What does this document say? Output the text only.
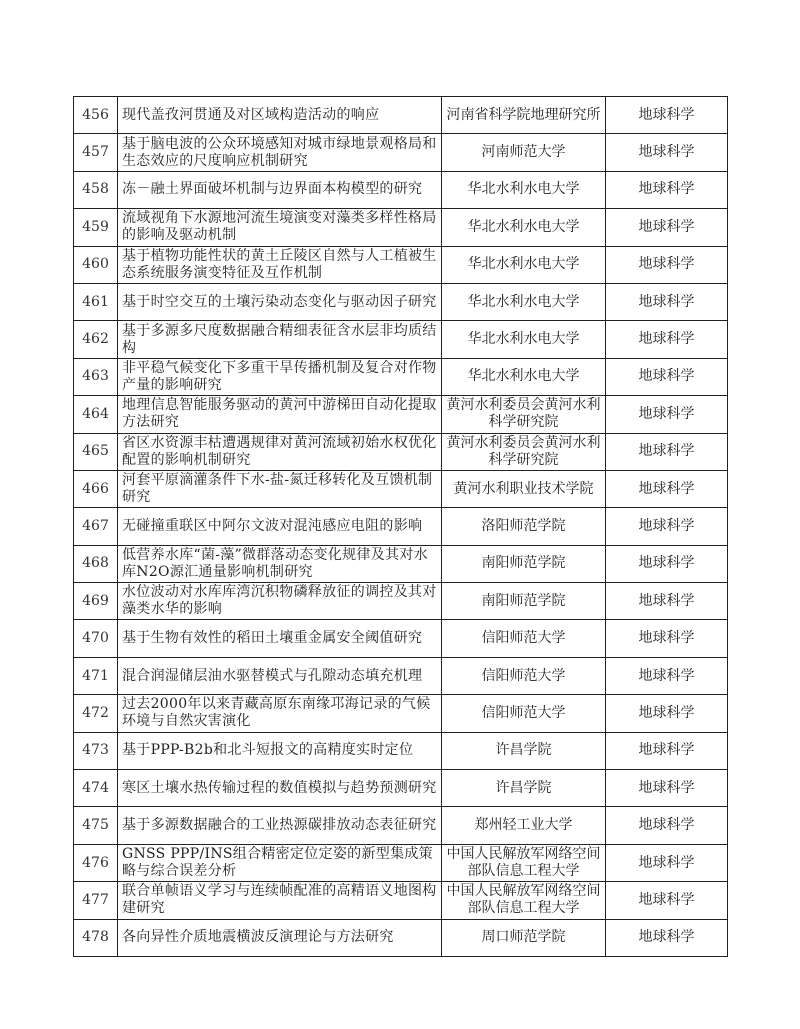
456	现代盖孜河贯通及对区域构造活动的响应	河南省科学院地理研究所	地球科学
457	基于脑电波的公众环境感知对城市绿地景观格局和生态效应的尺度响应机制研究	河南师范大学	地球科学
458	冻－融土界面破坏机制与边界面本构模型的研究	华北水利水电大学	地球科学
459	流域视角下水源地河流生境演变对藻类多样性格局的影响及驱动机制	华北水利水电大学	地球科学
460	基于植物功能性状的黄土丘陵区自然与人工植被生态系统服务演变特征及互作机制	华北水利水电大学	地球科学
461	基于时空交互的土壤污染动态变化与驱动因子研究	华北水利水电大学	地球科学
462	基于多源多尺度数据融合精细表征含水层非均质结构	华北水利水电大学	地球科学
463	非平稳气候变化下多重干旱传播机制及复合对作物产量的影响研究	华北水利水电大学	地球科学
464	地理信息智能服务驱动的黄河中游梯田自动化提取方法研究	黄河水利委员会黄河水利科学研究院	地球科学
465	省区水资源丰枯遭遇规律对黄河流域初始水权优化配置的影响机制研究	黄河水利委员会黄河水利科学研究院	地球科学
466	河套平原滴灌条件下水-盐-氮迁移转化及互馈机制研究	黄河水利职业技术学院	地球科学
467	无碰撞重联区中阿尔文波对混沌感应电阻的影响	洛阳师范学院	地球科学
468	低营养水库“菌-藻”微群落动态变化规律及其对水库N2O源汇通量影响机制研究	南阳师范学院	地球科学
469	水位波动对水库库湾沉积物磷释放征的调控及其对藻类水华的影响	南阳师范学院	地球科学
470	基于生物有效性的稻田土壤重金属安全阈值研究	信阳师范大学	地球科学
471	混合润湿储层油水驱替模式与孔隙动态填充机理	信阳师范大学	地球科学
472	过去2000年以来青藏高原东南缘邛海记录的气候环境与自然灾害演化	信阳师范大学	地球科学
473	基于PPP-B2b和北斗短报文的高精度实时定位	许昌学院	地球科学
474	寒区土壤水热传输过程的数值模拟与趋势预测研究	许昌学院	地球科学
475	基于多源数据融合的工业热源碳排放动态表征研究	郑州轻工业大学	地球科学
476	GNSS PPP/INS组合精密定位定姿的新型集成策略与综合误差分析	中国人民解放军网络空间部队信息工程大学	地球科学
477	联合单帧语义学习与连续帧配准的高精语义地图构建研究	中国人民解放军网络空间部队信息工程大学	地球科学
478	各向异性介质地震横波反演理论与方法研究	周口师范学院	地球科学
